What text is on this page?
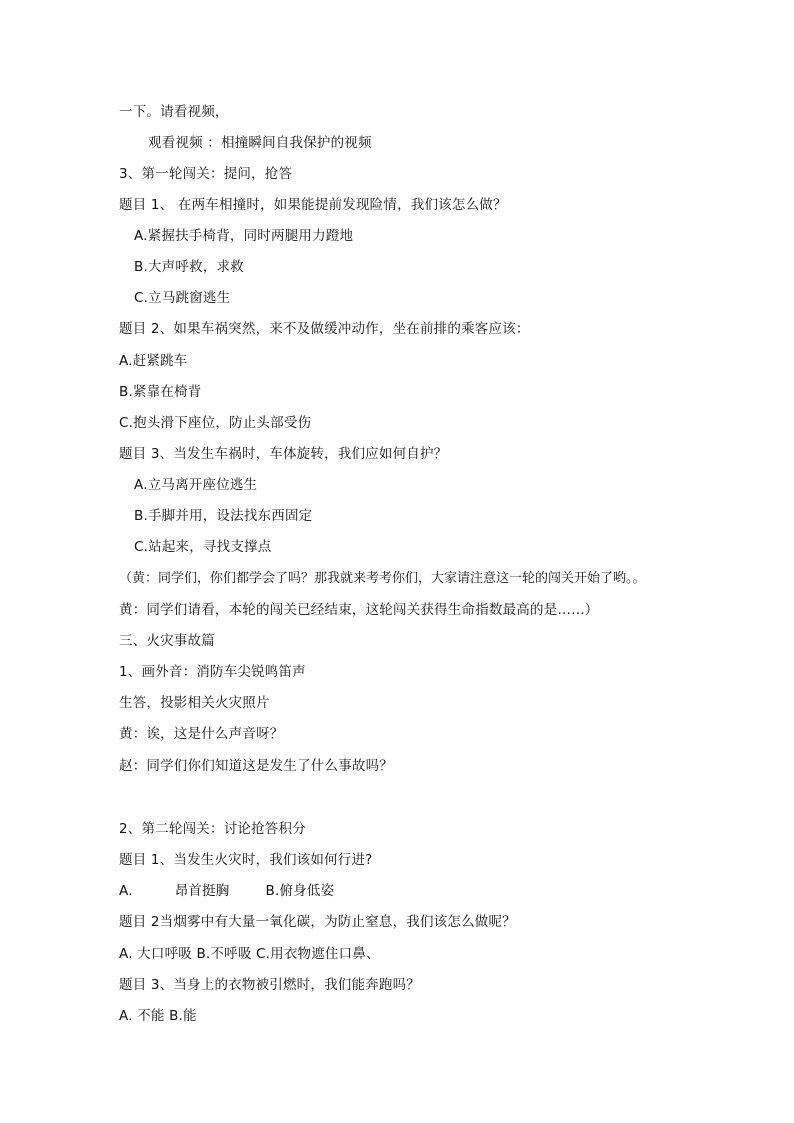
一下。请看视频，
观看视频 ：相撞瞬间自我保护的视频
3、第一轮闯关：提问，抢答
题目 1、 在两车相撞时，如果能提前发现险情，我们该怎么做？
A.紧握扶手椅背，同时两腿用力蹬地
B.大声呼救，求救
C.立马跳窗逃生
题目 2、如果车祸突然，来不及做缓冲动作，坐在前排的乘客应该：
A.赶紧跳车
B.紧靠在椅背
C.抱头滑下座位，防止头部受伤
题目 3、当发生车祸时，车体旋转，我们应如何自护？
A.立马离开座位逃生
B.手脚并用，设法找东西固定
C.站起来，寻找支撑点
（黄：同学们，你们都学会了吗？那我就来考考你们，大家请注意这一轮的闯关开始了哟。。
黄：同学们请看，本轮的闯关已经结束，这轮闯关获得生命指数最高的是……）
三、火灾事故篇
1、画外音：消防车尖锐鸣笛声
生答，投影相关火灾照片
黄：诶，这是什么声音呀？
赵：同学们你们知道这是发生了什么事故吗？
2、第二轮闯关：讨论抢答积分
题目 1、当发生火灾时，我们该如何行进?
A.	昂首挺胸	B.俯身低姿
题目 2当烟雾中有大量一氧化碳，为防止窒息，我们该怎么做呢？
A. 大口呼吸 B.不呼吸 C.用衣物遮住口鼻、
题目 3、当身上的衣物被引燃时，我们能奔跑吗？
A. 不能 B.能
